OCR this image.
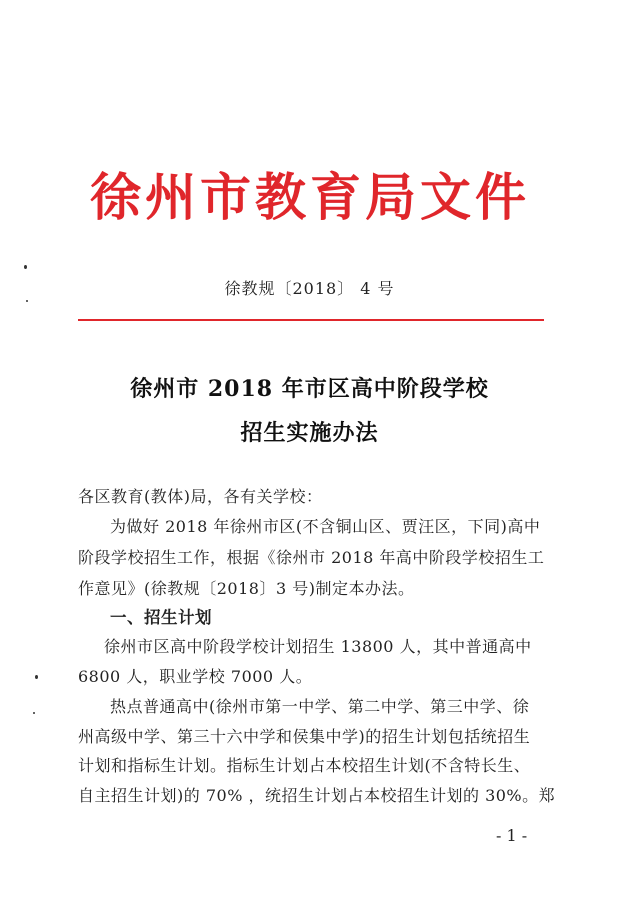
徐州市教育局文件
徐教规〔2018〕 4 号
徐州市 2018 年市区高中阶段学校
招生实施办法
各区教育(教体)局，各有关学校：
为做好 2018 年徐州市区(不含铜山区、贾汪区，下同)高中
阶段学校招生工作，根据《徐州市 2018 年高中阶段学校招生工
作意见》(徐教规〔2018〕3 号)制定本办法。
一、招生计划
徐州市区高中阶段学校计划招生 13800 人，其中普通高中
6800 人，职业学校 7000 人。
热点普通高中(徐州市第一中学、第二中学、第三中学、徐
州高级中学、第三十六中学和侯集中学)的招生计划包括统招生
计划和指标生计划。指标生计划占本校招生计划(不含特长生、
自主招生计划)的 70% ，统招生计划占本校招生计划的 30%。郑
- 1 -
